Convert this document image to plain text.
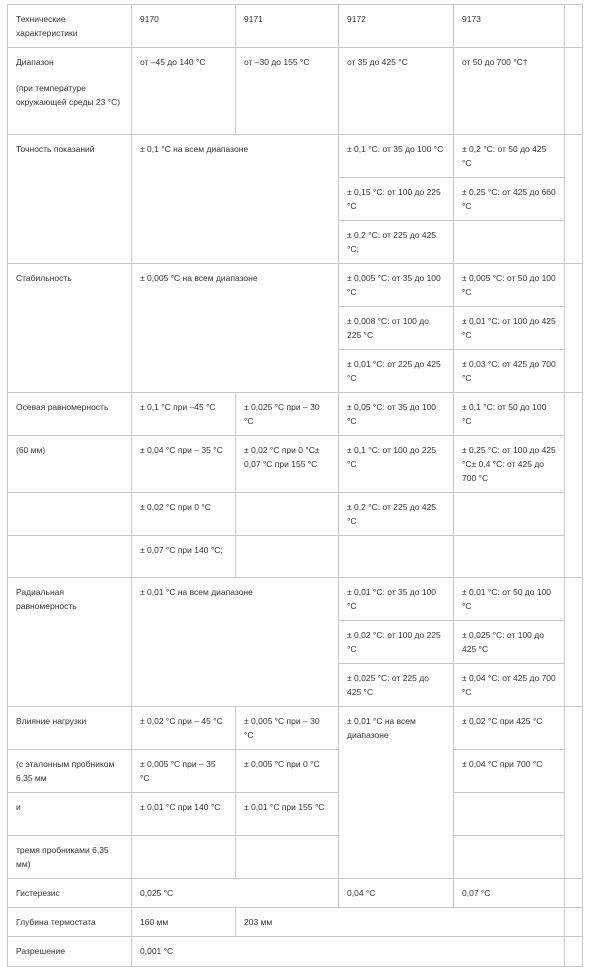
Технические характеристики	9170	9171	9172	9173	

Диапазон
(при температуре окружающей среды 23 °C)	от –45 до 140 °C	от –30 до 155 °C	от 35 до 425 °C	от 50 до 700 °C†	
Точность показаний	± 0,1 °C на всем диапазоне		± 0,1 °C: от 35 до 100 °C	± 0,2 °C: от 50 до 425 °C	
			± 0,15 °C: от 100 до 225 °C	± 0,25 °C: от 425 до 660 °C	
			± 0,2 °C: от 225 до 425 °C;		
Стабильность	± 0,005 °C на всем диапазоне		± 0,005 °C: от 35 до 100 °C	± 0,005 °C: от 50 до 100 °C	
			± 0,008 °C: от 100 до 225 °C	± 0,01 °C: от 100 до 425 °C	
			± 0,01 °C: от 225 до 425 °C	± 0,03 °C: от 425 до 700 °C	
Осевая равномерность	± 0,1 °C при –45 °C	± 0,025 °C при – 30 °C	± 0,05 °C: от 35 до 100 °C	± 0,1 °C: от 50 до 100 °C	
(60 мм)	± 0,04 °C при – 35 °C	± 0,02 °C при 0 °C± 0,07 °C при 155 °C	± 0,1 °C: от 100 до 225 °C	± 0,25 °C: от 100 до 425 °C± 0,4 °C: от 425 до 700 °C	
	± 0,02 °C при 0 °C		± 0,2 °C: от 225 до 425 °C		
	± 0,07 °C при 140 °C;				
Радиальная равномерность	± 0,01 °C на всем диапазоне		± 0,01 °C: от 35 до 100 °C	± 0,01 °C: от 50 до 100 °C	
			± 0,02 °C: от 100 до 225 °C	± 0,025 °C: от 100 до 425 °C	
			± 0,025 °C: от 225 до 425 °C	± 0,04 °C: от 425 до 700 °C	
Влияние нагрузки	± 0,02 °C при – 45 °C	± 0,005 °C при – 30 °C	± 0,01 °C на всем диапазоне	± 0,02 °C при 425 °C	
(с эталонным пробником 6,35 мм	± 0,005 °C при – 35 °C	± 0,005 °C при 0 °C		± 0,04 °C при 700 °C	
и	± 0,01 °C при 140 °C	± 0,01 °C при 155 °C			
тремя пробниками 6,35 мм)					
Гистерезис	0,025 °C		0,04 °C	0,07 °C	
Глубина термостата	160 мм	203 мм			
Разрешение	0,001 °C				
